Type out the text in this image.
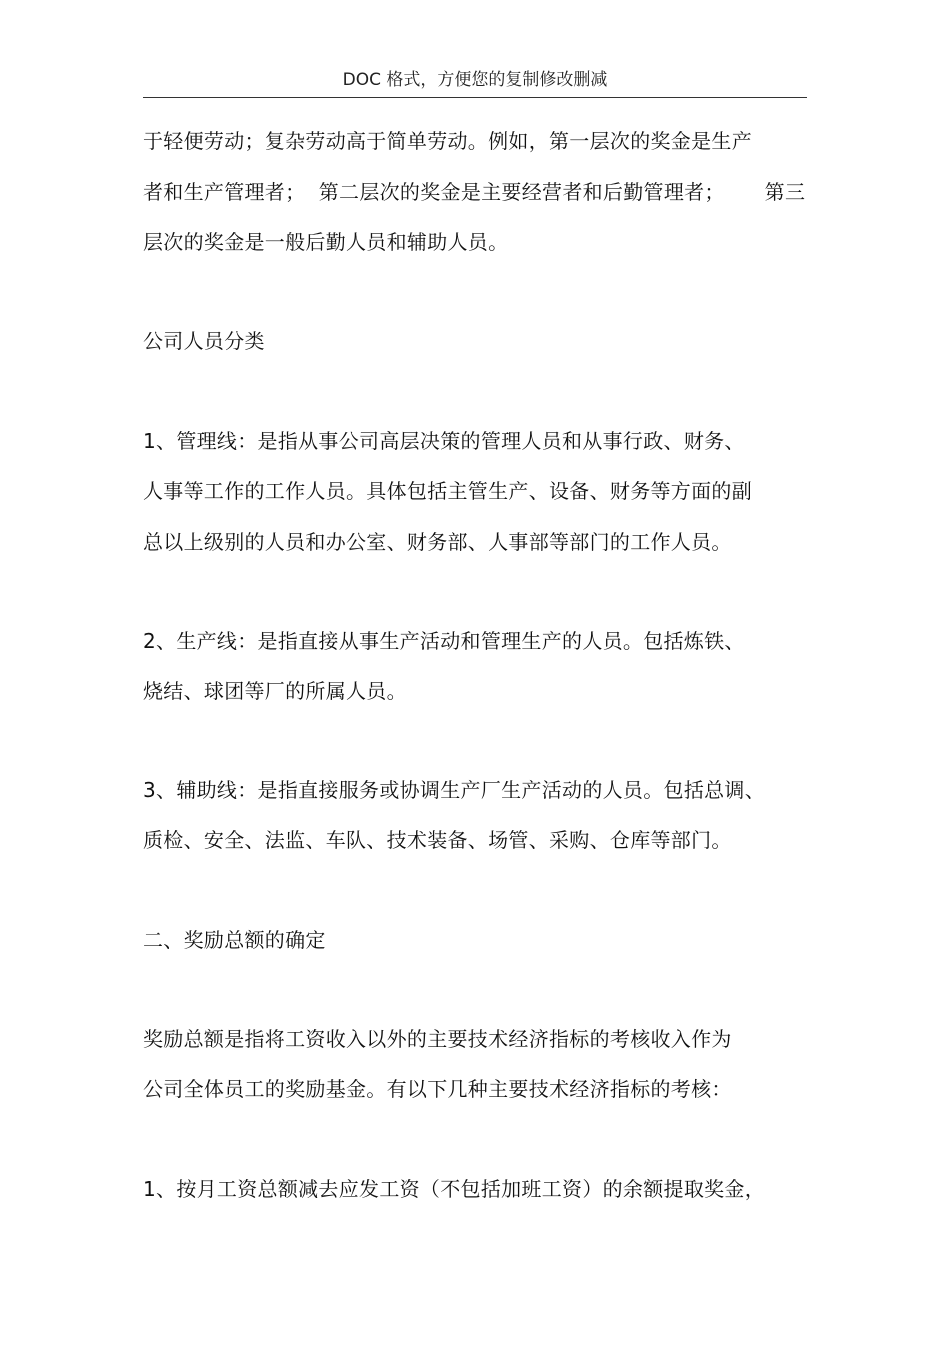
DOC 格式，方便您的复制修改删减
于轻便劳动；复杂劳动高于简单劳动。例如，第一层次的奖金是生产
者和生产管理者；  第二层次的奖金是主要经营者和后勤管理者；      第三
层次的奖金是一般后勤人员和辅助人员。
公司人员分类
1、管理线：是指从事公司高层决策的管理人员和从事行政、财务、
人事等工作的工作人员。具体包括主管生产、设备、财务等方面的副
总以上级别的人员和办公室、财务部、人事部等部门的工作人员。
2、生产线：是指直接从事生产活动和管理生产的人员。包括炼铁、
烧结、球团等厂的所属人员。
3、辅助线：是指直接服务或协调生产厂生产活动的人员。包括总调、
质检、安全、法监、车队、技术装备、场管、采购、仓库等部门。
二、奖励总额的确定
奖励总额是指将工资收入以外的主要技术经济指标的考核收入作为
公司全体员工的奖励基金。有以下几种主要技术经济指标的考核：
1、按月工资总额减去应发工资（不包括加班工资）的余额提取奖金，
